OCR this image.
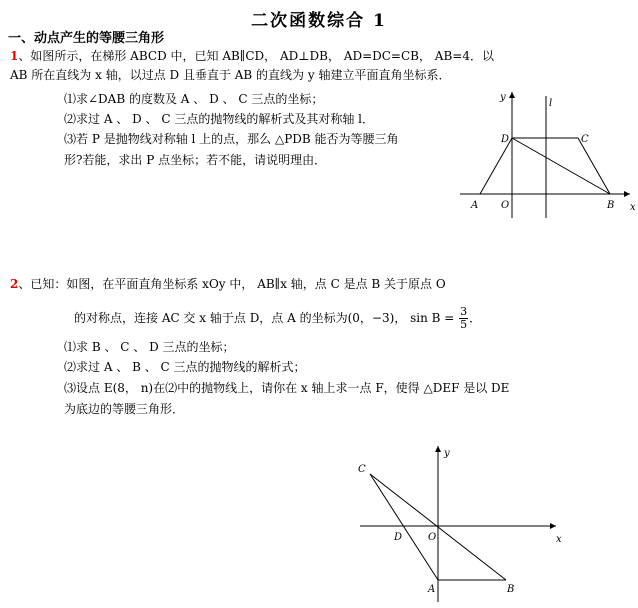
二次函数综合 1
一、动点产生的等腰三角形
1、如图所示，在梯形 ABCD 中，已知 AB∥CD， AD⊥DB， AD=DC=CB， AB=4．以
AB 所在直线为 x 轴，以过点 D 且垂直于 AB 的直线为 y 轴建立平面直角坐标系．
⑴求∠DAB 的度数及 A 、 D 、 C 三点的坐标；
⑵求过 A 、 D 、 C 三点的抛物线的解析式及其对称轴 l．
⑶若 P 是抛物线对称轴 l 上的点，那么 △PDB 能否为等腰三角
形?若能，求出 P 点坐标；若不能，请说明理由．
y
l
D	C
A O	B x
2、已知：如图，在平面直角坐标系 xOy 中， AB∥x 轴，点 C 是点 B 关于原点 O
的对称点，连接 AC 交 x 轴于点 D，点 A 的坐标为(0，−3)， $\sin B = \frac{3}{5}$ ．
⑴求 B 、 C 、 D 三点的坐标；
⑵求过 A 、 B 、 C 三点的抛物线的解析式；
⑶设点 E(8， n)在⑵中的抛物线上，请你在 x 轴上求一点 F，使得 △DEF 是以 DE
为底边的等腰三角形．
y
C
D	O	x
A	B
